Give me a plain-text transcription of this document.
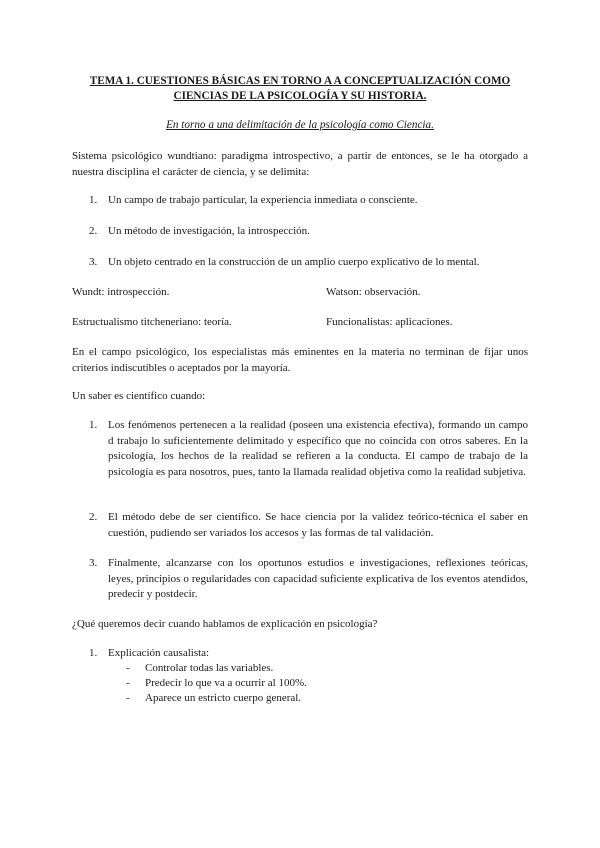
TEMA 1. CUESTIONES BÁSICAS EN TORNO A A CONCEPTUALIZACIÓN COMO
CIENCIAS DE LA PSICOLOGÍA Y SU HISTORIA.
En torno a una delimitación de la psicología como Ciencia.
Sistema psicológico wundtiano: paradigma introspectivo, a partir de entonces, se le ha otorgado a nuestra disciplina el carácter de ciencia, y se delimita:
1. Un campo de trabajo particular, la experiencia inmediata o consciente.
2. Un método de investigación, la introspección.
3. Un objeto centrado en la construcción de un amplio cuerpo explicativo de lo mental.
Wundt: introspección.	Watson: observación.
Estructualismo titcheneriano: teoría.	Funcionalistas: aplicaciones.
En el campo psicológico, los especialistas más eminentes en la materia no terminan de fijar unos criterios indiscutibles o aceptados por la mayoría.
Un saber es científico cuando:
1. Los fenómenos pertenecen a la realidad (poseen una existencia efectiva), formando un campo d trabajo lo suficientemente delimitado y específico que no coincida con otros saberes. En la psicología, los hechos de la realidad se refieren a la conducta. El campo de trabajo de la psicología es para nosotros, pues, tanto la llamada realidad objetiva como la realidad subjetiva.
2. El método debe de ser científico. Se hace ciencia por la validez teórico-técnica el saber en cuestión, pudiendo ser variados los accesos y las formas de tal validación.
3. Finalmente, alcanzarse con los oportunos estudios e investigaciones, reflexiones teóricas, leyes, principios o regularidades con capacidad suficiente explicativa de los eventos atendidos, predecir y postdecir.
¿Qué queremos decir cuando hablamos de explicación en psicología?
1. Explicación causalista:
- Controlar todas las variables.
- Predecir lo que va a ocurrir al 100%.
- Aparece un estricto cuerpo general.
